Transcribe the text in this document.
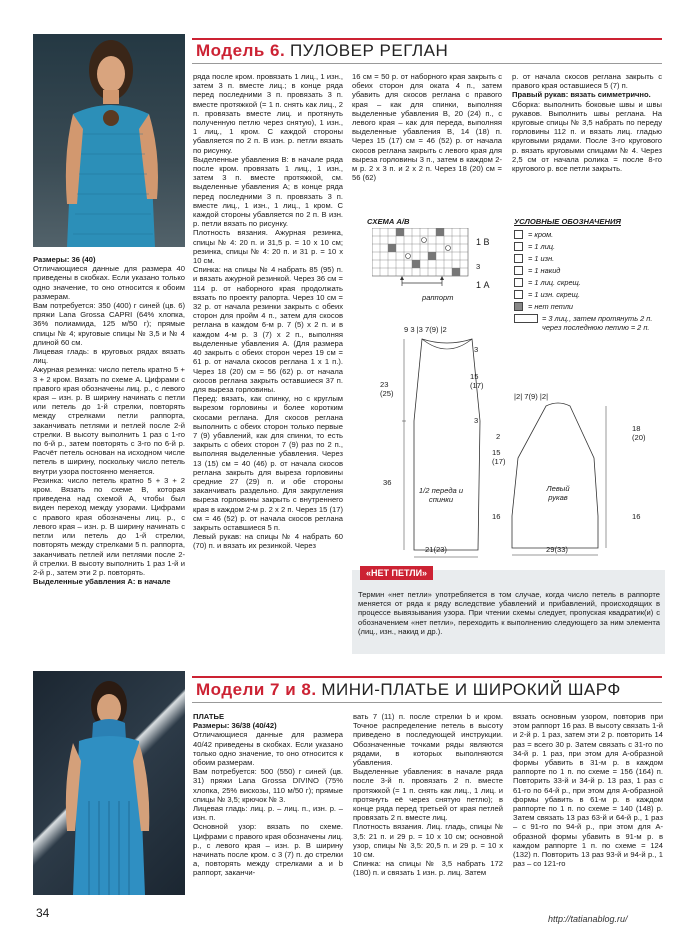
Модель 6. ПУЛОВЕР РЕГЛАН
Размеры: 36 (40)
Отличающиеся данные для размера 40 приведены в скобках. Если указано только одно значение, то оно относится к обоим размерам.
Вам потребуется: 350 (400) г синей (цв. 6) пряжи Lana Grossa CAPRI (64% хлопка, 36% полиамида, 125 м/50 г); прямые спицы № 4; круговые спицы № 3,5 и № 4 длиной 60 см.
Лицевая гладь: в круговых рядах вязать лиц.
Ажурная резинка: число петель кратно 5 + 3 + 2 кром. Вязать по схеме А. Цифрами с правого края обозначены лиц. р., с левого края – изн. р. В ширину начинать с петли или петель до 1-й стрелки, повторять между стрелками петли раппорта, заканчивать петлями и петлей после 2-й стрелки. В высоту выполнить 1 раз с 1-го по 6-й р., затем повторять с 3-го по 6-й р. Расчёт петель основан на исходном числе петель в ширину, поскольку число петель внутри узора постоянно меняется.
Резинка: число петель кратно 5 + 3 + 2 кром. Вязать по схеме В, которая приведена над схемой А, чтобы был виден переход между узорами. Цифрами с правого края обозначены лиц. р., с левого края – изн. р. В ширину начинать с петли или петель до 1-й стрелки, повторять между стрелками 5 п. раппорта, заканчивать петлей или петлями после 2-й стрелки. В высоту выполнить 1 раз 1-й и 2-й р., затем эти 2 р. повторять.
Выделенные убавления А: в начале
ряда после кром. провязать 1 лиц., 1 изн., затем 3 п. вместе лиц.; в конце ряда перед последними 3 п. провязать 3 п. вместе протяжкой (= 1 п. снять как лиц., 2 п. провязать вместе лиц. и протянуть полученную петлю через снятую), 1 изн., 1 лиц., 1 кром. С каждой стороны убавляется по 2 п. В изн. р. петли вязать по рисунку.
Выделенные убавления В: в начале ряда после кром. провязать 1 лиц., 1 изн., затем 3 п. вместе протяжкой, см. выделенные убавления А; в конце ряда перед последними 3 п. провязать 3 п. вместе лиц., 1 изн., 1 лиц., 1 кром. С каждой стороны убавляется по 2 п. В изн. р. петли вязать по рисунку.
Плотность вязания. Ажурная резинка, спицы № 4: 20 п. и 31,5 р. = 10 x 10 см; резинка, спицы № 4: 20 п. и 31 р. = 10 x 10 см.
Спинка: на спицы № 4 набрать 85 (95) п. и вязать ажурной резинкой. Через 36 см = 114 р. от наборного края продолжать вязать по проекту рапорта. Через 10 см = 32 р. от начала резинки закрыть с обеих сторон для пройм 4 п., затем для скосов реглана в каждом 6-м р. 7 (5) x 2 п. и в каждом 4-м р. 3 (7) x 2 п., выполняя выделенные убавления А. (Для размера 40 закрыть с обеих сторон через 19 см = 61 р. от начала скосов реглана 1 x 1 п.). Через 18 (20) см = 56 (62) р. от начала скосов реглана закрыть оставшиеся 37 п. для выреза горловины.
Перед: вязать, как спинку, но с круглым вырезом горловины и более коротким скосами реглана. Для скосов реглана выполнить с обеих сторон только первые 7 (9) убавлений, как для спинки, то есть закрыть с обеих сторон 7 (9) раз по 2 п., выполняя выделенные убавления. Через 13 (15) см = 40 (46) р. от начала скосов реглана закрыть для выреза горловины средние 27 (29) п. и обе стороны заканчивать раздельно. Для закругления выреза горловины закрыть с внутреннего края в каждом 2-м р. 2 x 2 п. Через 15 (17) см = 46 (52) р. от начала скосов реглана закрыть оставшиеся 5 п.
Левый рукав: на спицы № 4 набрать 60 (70) п. и вязать их резинкой. Через
16 см = 50 р. от наборного края закрыть с обеих сторон для оката 4 п., затем убавить для скосов реглана с правого края – как для спинки, выполняя выделенные убавления В, 20 (24) п., с левого края – как для переда, выполняя выделенные убавления В, 14 (18) п. Через 15 (17) см = 46 (52) р. от начала скосов реглана закрыть с левого края для выреза горловины 3 п., затем в каждом 2-м р. 2 x 3 п. и 2 x 2 п. Через 18 (20) см = 56 (62)
р. от начала скосов реглана закрыть с правого края оставшиеся 5 (7) п.
Правый рукав: вязать симметрично.
Сборка: выполнить боковые швы и швы рукавов. Выполнить швы реглана. На круговые спицы № 3,5 набрать по переду горловины 112 п. и вязать лиц. гладью круговыми рядами. После 3-го кругового р. вязать круговыми спицами № 4. Через 2,5 см от начала ролика = после 8-го кругового р. все петли закрыть.
СХЕМА А/В
раппорт
1 В
3
1 А
УСЛОВНЫЕ ОБОЗНАЧЕНИЯ
= кром.
= 1 лиц.
= 1 изн.
= 1 накид
= 1 лиц. скрещ.
= 1 изн. скрещ.
= нет петли
= 3 лиц., затем протянуть 2 п. через последнюю петлю = 2 п.
9 3 |3 7(9) |2
15 (17)
23 (25)
36
3
3
1/2 переда и спинки
21(23)
|2| 7(9) |2|
18 (20)
16
15 (17)
16
2
Левый рукав
29(33)
«НЕТ ПЕТЛИ»
Термин «нет петли» употребляется в том случае, когда число петель в раппорте меняется от ряда к ряду вследствие убавлений и прибавлений, происходящих в процессе вывязывания узора. При чтении схемы следует, пропуская квадратик(и) с обозначением «нет петли», переходить к выполнению следующего за ним элемента (лиц., изн., накид и др.).
Модели 7 и 8. МИНИ-ПЛАТЬЕ И ШИРОКИЙ ШАРФ
ПЛАТЬЕ
Размеры: 36/38 (40/42)
Отличающиеся данные для размера 40/42 приведены в скобках. Если указано только одно значение, то оно относится к обоим размерам.
Вам потребуется: 500 (550) г синей (цв. 31) пряжи Lana Grossa DIVINO (75% хлопка, 25% вискозы, 110 м/50 г); прямые спицы № 3,5; крючок № 3.
Лицевая гладь: лиц. р. – лиц. п., изн. р. – изн. п.
Основной узор: вязать по схеме. Цифрами с правого края обозначены лиц. р., с левого края – изн. р. В ширину начинать после кром. с 3 (7) п. до стрелки а, повторять между стрелками а и b раппорт, заканчи-
вать 7 (11) п. после стрелки b и кром. Точное распределение петель в высоту приведено в последующей инструкции. Обозначенные точками ряды являются рядами, в которых выполняются убавления.
Выделенные убавления: в начале ряда после 3-й п. провязать 2 п. вместе протяжкой (= 1 п. снять как лиц., 1 лиц. и протянуть её через снятую петлю); в конце ряда перед третьей от края петлей провязать 2 п. вместе лиц.
Плотность вязания. Лиц. гладь, спицы № 3,5: 21 п. и 29 р. = 10 x 10 см; основной узор, спицы № 3,5: 20,5 п. и 29 р. = 10 x 10 см.
Спинка: на спицы № 3,5 набрать 172 (180) п. и связать 1 изн. р. лиц. Затем
вязать основным узором, повторив при этом раппорт 16 раз. В высоту связать 1-й и 2-й р. 1 раз, затем эти 2 р. повторить 14 раз = всего 30 р. Затем связать с 31-го по 34-й р. 1 раз, при этом для А-образной формы убавить в 31-м р. в каждом раппорте по 1 п. по схеме = 156 (164) п. Повторить 33-й и 34-й р. 13 раз, 1 раз с 61-го по 64-й р., при этом для А-образной формы убавить в 61-м р. в каждом раппорте по 1 п. по схеме = 140 (148) р. Затем связать 13 раз 63-й и 64-й р., 1 раз – с 91-го по 94-й р., при этом для А-образной формы убавить в 91-м р. в каждом раппорте 1 п. по схеме = 124 (132) п. Повторить 13 раз 93-й и 94-й р., 1 раз – со 121-го
34	http://tatianablog.ru/
